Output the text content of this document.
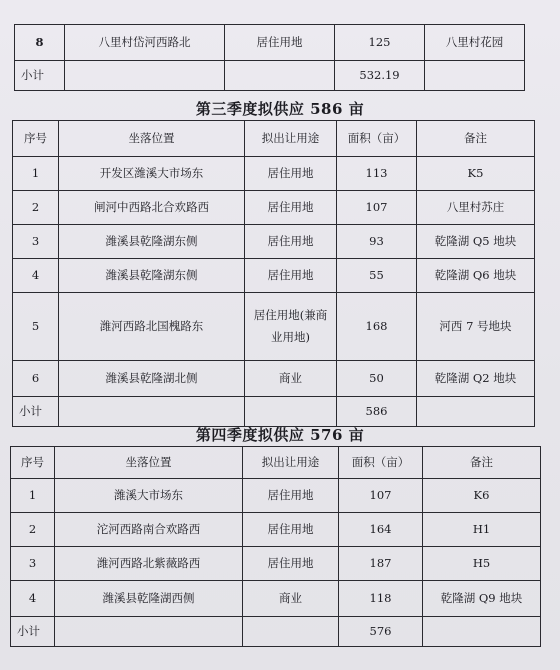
8	八里村岱河西路北	居住用地	125	八里村花园
小计			532.19	
第三季度拟供应 586 亩
序号	坐落位置	拟出让用途	面积（亩）	备注
1	开发区潍溪大市场东	居住用地	113	K5
2	闸河中西路北合欢路西	居住用地	107	八里村苏庄
3	潍溪县乾隆湖东侧	居住用地	93	乾隆湖 Q5 地块
4	潍溪县乾隆湖东侧	居住用地	55	乾隆湖 Q6 地块
5	潍河西路北国槐路东	居住用地(兼商业用地)	168	河西 7 号地块
6	潍溪县乾隆湖北侧	商业	50	乾隆湖 Q2 地块
小计			586	
第四季度拟供应 576 亩
序号	坐落位置	拟出让用途	面积（亩）	备注
1	潍溪大市场东	居住用地	107	K6
2	沱河西路南合欢路西	居住用地	164	H1
3	潍河西路北紫薇路西	居住用地	187	H5
4	潍溪县乾隆湖西侧	商业	118	乾隆湖 Q9 地块
小计			576	
